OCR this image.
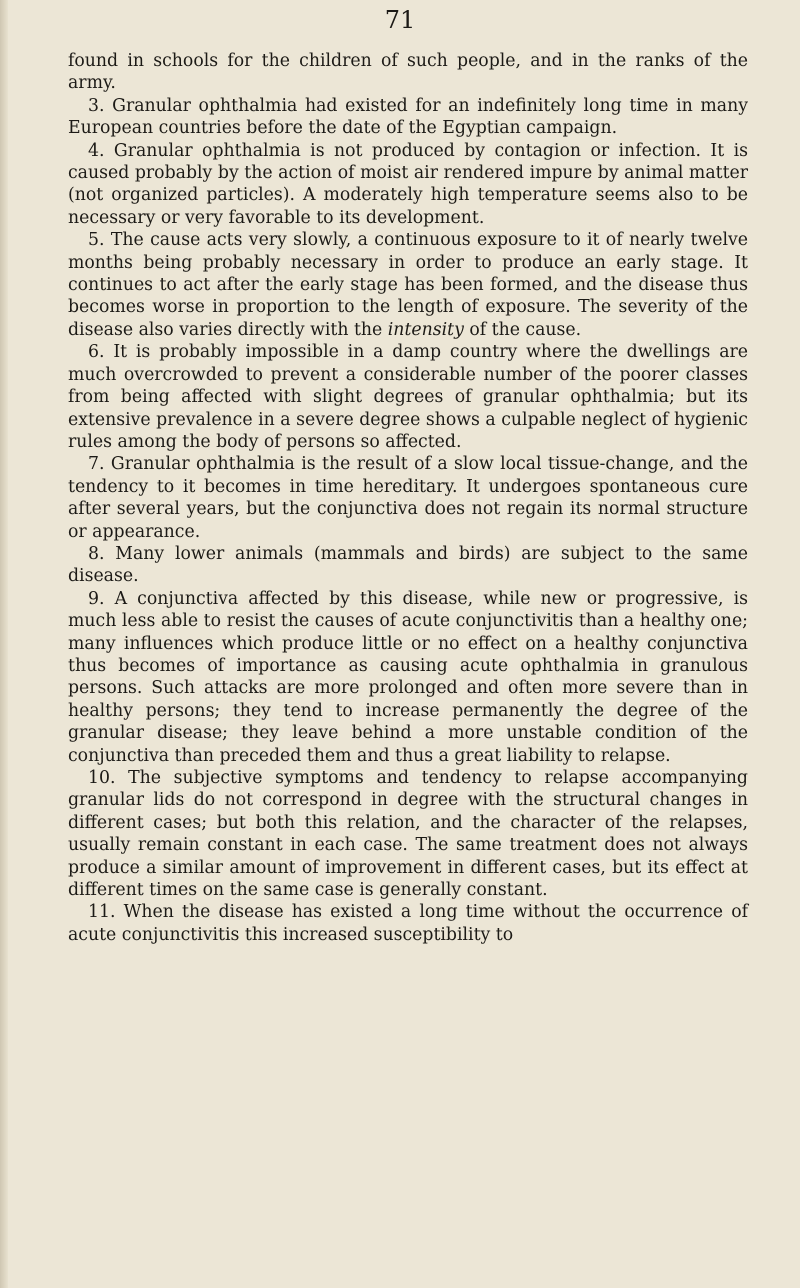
71

found in schools for the children of such people, and in the ranks of the army.

3. Granular ophthalmia had existed for an indefinitely long time in many European countries before the date of the Egyptian campaign.

4. Granular ophthalmia is not produced by contagion or infection. It is caused probably by the action of moist air rendered impure by animal matter (not organized particles). A moderately high temperature seems also to be necessary or very favorable to its development.

5. The cause acts very slowly, a continuous exposure to it of nearly twelve months being probably necessary in order to produce an early stage. It continues to act after the early stage has been formed, and the disease thus becomes worse in proportion to the length of exposure. The severity of the disease also varies directly with the intensity of the cause.

6. It is probably impossible in a damp country where the dwellings are much overcrowded to prevent a considerable number of the poorer classes from being affected with slight degrees of granular ophthalmia; but its extensive prevalence in a severe degree shows a culpable neglect of hygienic rules among the body of persons so affected.

7. Granular ophthalmia is the result of a slow local tissue-change, and the tendency to it becomes in time hereditary. It undergoes spontaneous cure after several years, but the conjunctiva does not regain its normal structure or appearance.

8. Many lower animals (mammals and birds) are subject to the same disease.

9. A conjunctiva affected by this disease, while new or progressive, is much less able to resist the causes of acute conjunctivitis than a healthy one; many influences which produce little or no effect on a healthy conjunctiva thus becomes of importance as causing acute ophthalmia in granulous persons. Such attacks are more prolonged and often more severe than in healthy persons; they tend to increase permanently the degree of the granular disease; they leave behind a more unstable condition of the conjunctiva than preceded them and thus a great liability to relapse.

10. The subjective symptoms and tendency to relapse accompanying granular lids do not correspond in degree with the structural changes in different cases; but both this relation, and the character of the relapses, usually remain constant in each case. The same treatment does not always produce a similar amount of improvement in different cases, but its effect at different times on the same case is generally constant.

11. When the disease has existed a long time without the occurrence of acute conjunctivitis this increased susceptibility to
